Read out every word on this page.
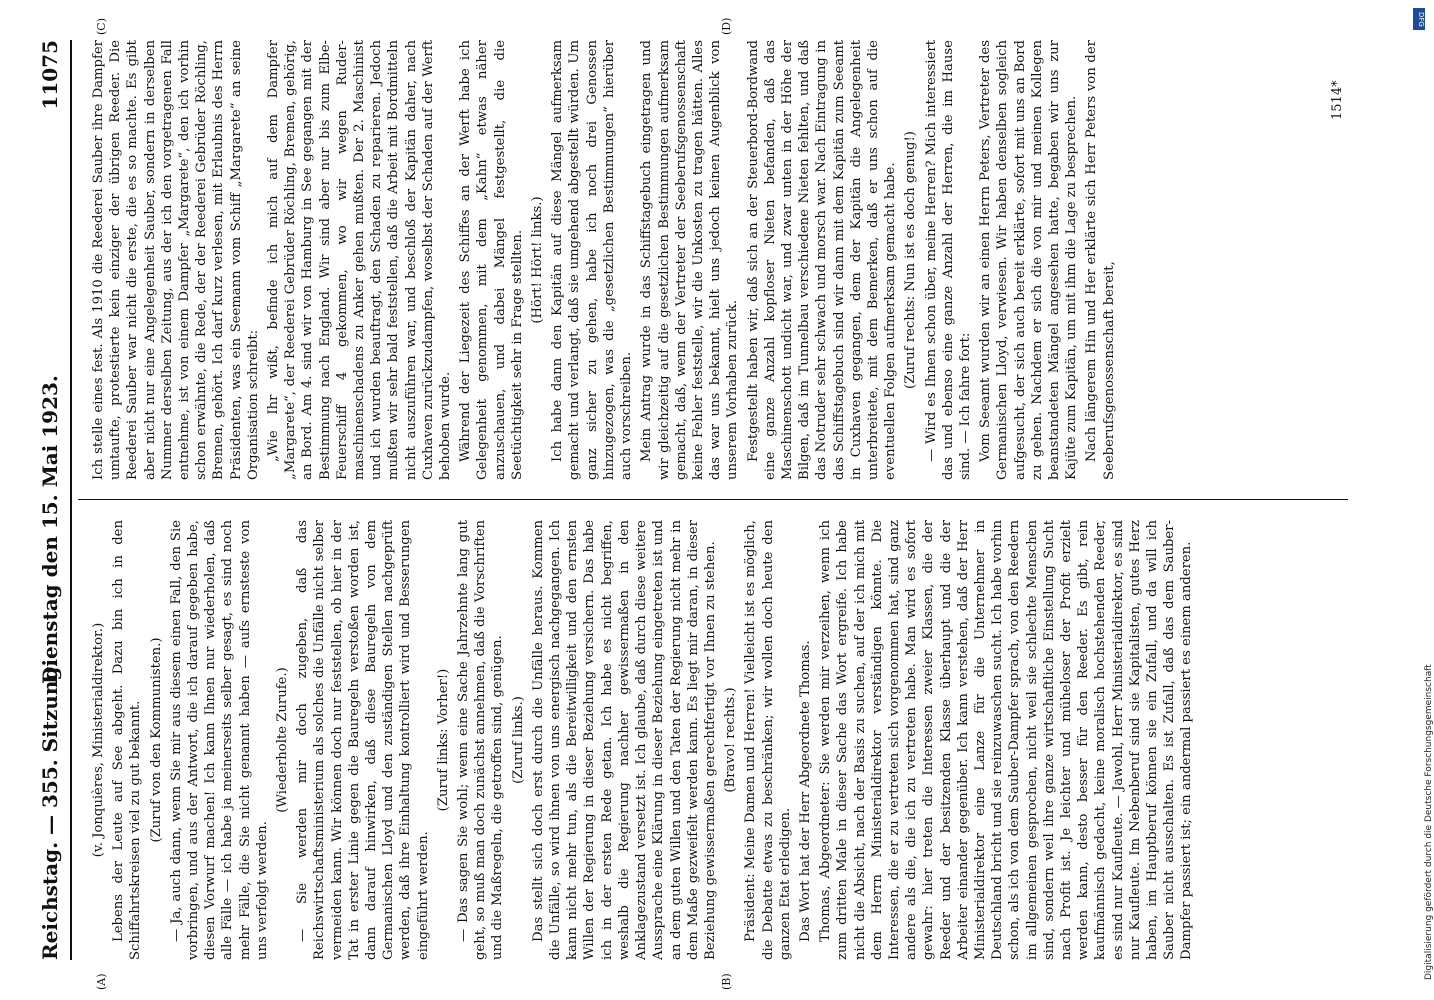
Reichstag. — 355. Sitzung.
Dienstag den 15. Mai 1923.
11075

(v. Jonquières, Ministerialdirektor.) Lebens der Leute auf See abgeht. Dazu bin ich in den Schiffahrtskreisen viel zu gut bekannt. (Zuruf von den Kommunisten.) — Ja, auch dann, wenn Sie mir aus diesem einen Fall, den Sie vorbringen, und aus der Antwort, die ich darauf gegeben habe, diesen Vorwurf machen! Ich kann Ihnen nur wiederholen, daß alle Fälle — ich habe ja meinerseits selber gesagt, es sind noch mehr Fälle, die Sie nicht genannt haben — aufs ernsteste von uns verfolgt werden.

(Wiederholte Zurufe.) — Sie werden mir doch zugeben, daß das Reichswirtschaftsministerium als solches die Unfälle nicht selber vermeiden kann. Wir können doch nur feststellen, ob hier in der Tat in erster Linie gegen die Bauregeln verstoßen worden ist, dann darauf hinwirken, daß diese Bauregeln von dem Germanischen Lloyd und den zuständigen Stellen nachgeprüft werden, daß ihre Einhaltung kontrolliert wird und Besserungen eingeführt werden.

(Zuruf links: Vorher!) — Das sagen Sie wohl; wenn eine Sache Jahrzehnte lang gut geht, so muß man doch zunächst annehmen, daß die Vorschriften und die Maßregeln, die getroffen sind, genügen. (Zuruf links.) Das stellt sich doch erst durch die Unfälle heraus. Kommen die Unfälle, so wird ihnen von uns energisch nachgegangen. Ich kann nicht mehr tun, als die Bereitwilligkeit und den ernsten Willen der Regierung in dieser Beziehung versichern. Das habe ich in der ersten Rede getan. Ich habe es nicht begriffen, weshalb die Regierung nachher gewissermaßen in den Anklagezustand versetzt ist. Ich glaube, daß durch diese weitere Aussprache eine Klärung in dieser Beziehung eingetreten ist und an dem guten Willen und den Taten der Regierung nicht mehr in dem Maße gezweifelt werden kann. Es liegt mir daran, in dieser Beziehung gewissermaßen gerechtfertigt vor Ihnen zu stehen. (Bravo! rechts.) Präsident: Meine Damen und Herren! Vielleicht ist es möglich, die Debatte etwas zu beschränken; wir wollen doch heute den ganzen Etat erledigen. Das Wort hat der Herr Abgeordnete Thomas. Thomas, Abgeordneter: Sie werden mir verzeihen, wenn ich zum dritten Male in dieser Sache das Wort ergreife. Ich habe nicht die Absicht, nach der Basis zu suchen, auf der ich mich mit dem Herrn Ministerialdirektor verständigen könnte. Die Interessen, die er zu vertreten sich vorgenommen hat, sind ganz andere als die, die ich zu vertreten habe. Man wird es sofort gewahr: hier treten die Interessen zweier Klassen, die der Reeder und der besitzenden Klasse überhaupt und die der Arbeiter einander gegenüber. Ich kann verstehen, daß der Herr Ministerialdirektor eine Lanze für die Unternehmer in Deutschland bricht und sie reinzuwaschen sucht. Ich habe vorhin schon, als ich von dem Sauber-Dampfer sprach, von den Reedern im allgemeinen gesprochen, nicht weil sie schlechte Menschen sind, sondern weil ihre ganze wirtschaftliche Einstellung Sucht nach Profit ist. Je leichter und müheloser der Profit erzielt werden kann, desto besser für den Reeder. Es gibt, rein kaufmännisch gedacht, keine moralisch hochstehenden Reeder, es sind nur Kaufleute. — Jawohl, Herr Ministerialdirektor, es sind nur Kaufleute. Im Nebenberuf sind sie Kapitalisten, gutes Herz haben, im Hauptberuf können sie ein Zufall, und da will ich Sauber nicht ausschalten. Es ist Zufall, daß das dem Sauber-Dampfer passiert ist; ein andermal passiert es einem anderen.

Ich stelle eines fest. Als 1910 die Reederei Sauber ihre Dampfer umtaufte, protestierte kein einziger der übrigen Reeder. Die Reederei Sauber war nicht die erste, die es so machte. Es gibt aber nicht nur eine Angelegenheit Sauber, sondern in derselben Nummer derselben Zeitung, aus der ich den vorgetragenen Fall entnehme, ist von einem Dampfer „Margarete“, den ich vorhin schon erwähnte, die Rede, der der Reederei Gebrüder Röchling, Bremen, gehört. Ich darf kurz verlesen, mit Erlaubnis des Herrn Präsidenten, was ein Seemann vom Schiff „Margarete“ an seine Organisation schreibt: „Wie Ihr wißt, befinde ich mich auf dem Dampfer „Margarete“, der Reederei Gebrüder Röchling, Bremen, gehörig, an Bord. Am 4. sind wir von Hamburg in See gegangen mit der Bestimmung nach England. Wir sind aber nur bis zum Elbe-Feuerschiff 4 gekommen, wo wir wegen Ruder-maschinenschadens zu Anker gehen mußten. Der 2. Maschinist und ich wurden beauftragt, den Schaden zu reparieren. Jedoch mußten wir sehr bald feststellen, daß die Arbeit mit Bordmitteln nicht auszuführen war, und beschloß der Kapitän daher, nach Cuxhaven zurückzudampfen, woselbst der Schaden auf der Werft behoben wurde. Während der Liegezeit des Schiffes an der Werft habe ich Gelegenheit genommen, mit dem „Kahn“ etwas näher anzuschauen, und dabei Mängel festgestellt, die die Seetüchtigkeit sehr in Frage stellten. (Hört! Hört! links.) Ich habe dann den Kapitän auf diese Mängel aufmerksam gemacht und verlangt, daß sie umgehend abgestellt würden. Um ganz sicher zu gehen, habe ich noch drei Genossen hinzugezogen, was die „gesetzlichen Bestimmungen“ hierüber auch vorschreiben. Mein Antrag wurde in das Schiffstagebuch eingetragen und wir gleichzeitig auf die gesetzlichen Bestimmungen aufmerksam gemacht, daß, wenn der Vertreter der Seeberufsgenossenschaft keine Fehler feststelle, wir die Unkosten zu tragen hätten. Alles das war uns bekannt, hielt uns jedoch keinen Augenblick von unserem Vorhaben zurück. Festgestellt haben wir, daß sich an der Steuerbord-Bordwand eine ganze Anzahl kopfloser Nieten befanden, daß das Maschinenschott undicht war, und zwar unten in der Höhe der Bilgen, daß im Tunnelbau verschiedene Nieten fehlten, und daß das Notruder sehr schwach und morsch war. Nach Eintragung in das Schiffstagebuch sind wir dann mit dem Kapitän zum Seeamt in Cuxhaven gegangen, dem der Kapitän die Angelegenheit unterbreitete, mit dem Bemerken, daß er uns schon auf die eventuellen Folgen aufmerksam gemacht habe. (Zuruf rechts: Nun ist es doch genug!) — Wird es Ihnen schon über, meine Herren? Mich interessiert das und ebenso eine ganze Anzahl der Herren, die im Hause sind. — Ich fahre fort: Vom Seeamt wurden wir an einen Herrn Peters, Vertreter des Germanischen Lloyd, verwiesen. Wir haben denselben sogleich aufgesucht, der sich auch bereit erklärte, sofort mit uns an Bord zu gehen. Nachdem er sich die von mir und meinen Kollegen beanstandeten Mängel angesehen hatte, begaben wir uns zur Kajüte zum Kapitän, um mit ihm die Lage zu besprechen. Nach längerem Hin und Her erklärte sich Herr Peters von der Seeberufsgenossenschaft bereit,

(A)	(B)
(C)	(D)
1514*
DFG
Digitalisierung gefördert durch die Deutsche Forschungsgemeinschaft
